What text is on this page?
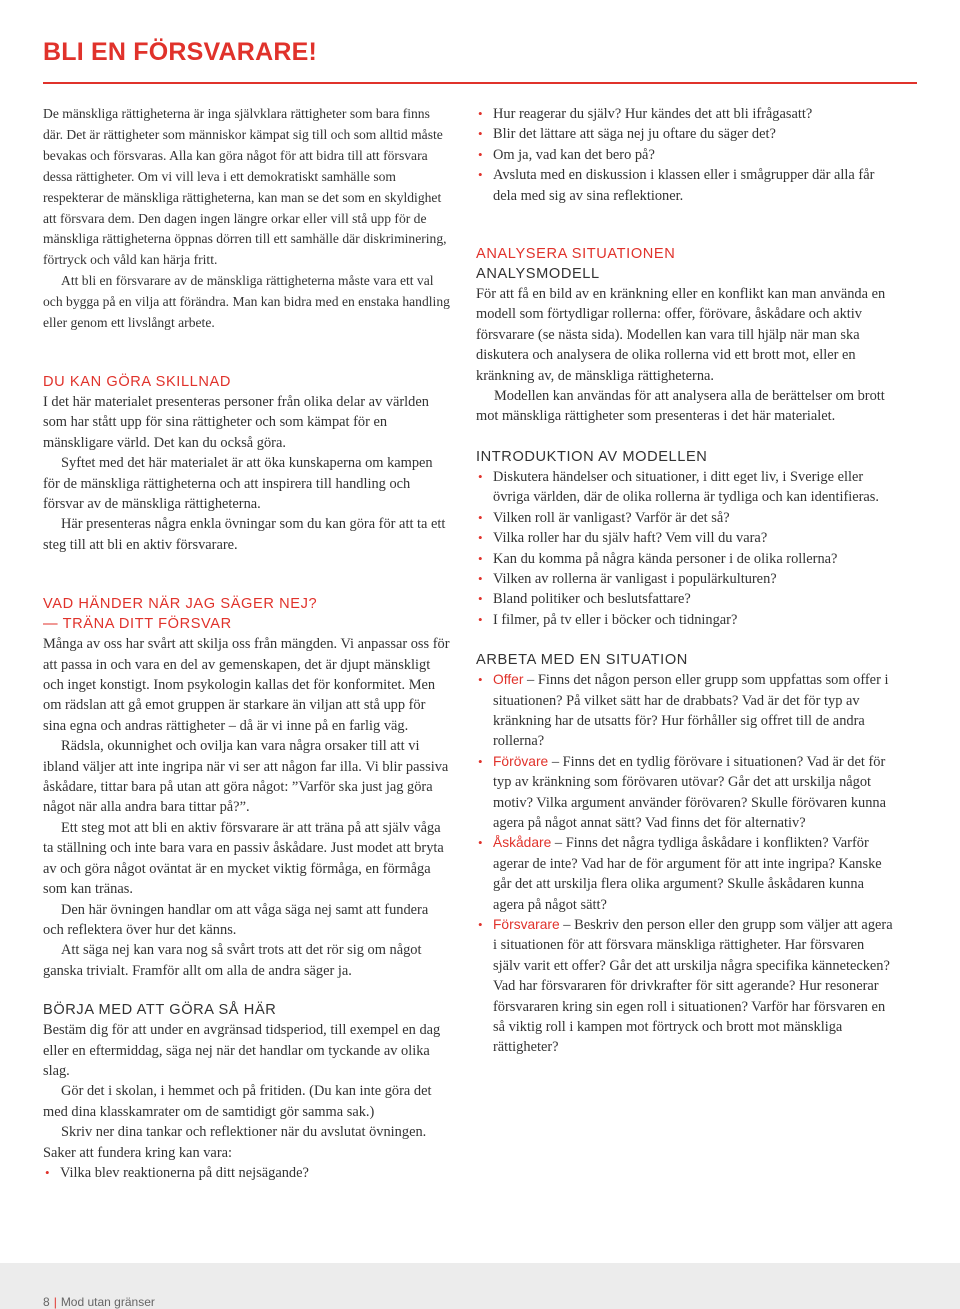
BLI EN FÖRSVARARE!

De mänskliga rättigheterna är inga självklara rättigheter som bara finns där. Det är rättigheter som människor kämpat sig till och som alltid måste bevakas och försvaras. Alla kan göra något för att bidra till att försvara dessa rättigheter. Om vi vill leva i ett demokratiskt samhälle som respekterar de mänskliga rättigheterna, kan man se det som en skyldighet att försvara dem. Den dagen ingen längre orkar eller vill stå upp för de mänskliga rättigheterna öppnas dörren till ett samhälle där diskriminering, förtryck och våld kan härja fritt.

Att bli en försvarare av de mänskliga rättigheterna måste vara ett val och bygga på en vilja att förändra. Man kan bidra med en enstaka handling eller genom ett livslångt arbete.

DU KAN GÖRA SKILLNAD

I det här materialet presenteras personer från olika delar av världen som har stått upp för sina rättigheter och som kämpat för en mänskligare värld. Det kan du också göra.

Syftet med det här materialet är att öka kunskaperna om kampen för de mänskliga rättigheterna och att inspirera till handling och försvar av de mänskliga rättigheterna.

Här presenteras några enkla övningar som du kan göra för att ta ett steg till att bli en aktiv försvarare.

VAD HÄNDER NÄR JAG SÄGER NEJ?
— TRÄNA DITT FÖRSVAR

Många av oss har svårt att skilja oss från mängden. Vi anpassar oss för att passa in och vara en del av gemenskapen, det är djupt mänskligt och inget konstigt. Inom psykologin kallas det för konformitet. Men om rädslan att gå emot gruppen är starkare än viljan att stå upp för sina egna och andras rättigheter – då är vi inne på en farlig väg.

Rädsla, okunnighet och ovilja kan vara några orsaker till att vi ibland väljer att inte ingripa när vi ser att någon far illa. Vi blir passiva åskådare, tittar bara på utan att göra något: ”Varför ska just jag göra något när alla andra bara tittar på?”.

Ett steg mot att bli en aktiv försvarare är att träna på att själv våga ta ställning och inte bara vara en passiv åskådare. Just modet att bryta av och göra något oväntat är en mycket viktig förmåga, en förmåga som kan tränas.

Den här övningen handlar om att våga säga nej samt att fundera och reflektera över hur det känns.

Att säga nej kan vara nog så svårt trots att det rör sig om något ganska trivialt. Framför allt om alla de andra säger ja.

BÖRJA MED ATT GÖRA SÅ HÄR

Bestäm dig för att under en avgränsad tidsperiod, till exempel en dag eller en eftermiddag, säga nej när det handlar om tyckande av olika slag.

Gör det i skolan, i hemmet och på fritiden. (Du kan inte göra det med dina klasskamrater om de samtidigt gör samma sak.)

Skriv ner dina tankar och reflektioner när du avslutat övningen. Saker att fundera kring kan vara:

• Vilka blev reaktionerna på ditt nejsägande?
• Hur reagerar du själv? Hur kändes det att bli ifrågasatt?
• Blir det lättare att säga nej ju oftare du säger det?
• Om ja, vad kan det bero på?
• Avsluta med en diskussion i klassen eller i smågrupper där alla får dela med sig av sina reflektioner.
ANALYSERA SITUATIONEN
ANALYSMODELL

För att få en bild av en kränkning eller en konflikt kan man använda en modell som förtydligar rollerna: offer, förövare, åskådare och aktiv försvarare (se nästa sida). Modellen kan vara till hjälp när man ska diskutera och analysera de olika rollerna vid ett brott mot, eller en kränkning av, de mänskliga rättigheterna.

Modellen kan användas för att analysera alla de berättelser om brott mot mänskliga rättigheter som presenteras i det här materialet.

INTRODUKTION AV MODELLEN
• Diskutera händelser och situationer, i ditt eget liv, i Sverige eller övriga världen, där de olika rollerna är tydliga och kan identifieras.
• Vilken roll är vanligast? Varför är det så?
• Vilka roller har du själv haft? Vem vill du vara?
• Kan du komma på några kända personer i de olika rollerna?
• Vilken av rollerna är vanligast i populärkulturen?
• Bland politiker och beslutsfattare?
• I filmer, på tv eller i böcker och tidningar?
ARBETA MED EN SITUATION
• Offer – Finns det någon person eller grupp som uppfattas som offer i situationen? På vilket sätt har de drabbats? Vad är det för typ av kränkning har de utsatts för? Hur förhåller sig offret till de andra rollerna?
• Förövare – Finns det en tydlig förövare i situationen? Vad är det för typ av kränkning som förövaren utövar? Går det att urskilja något motiv? Vilka argument använder förövaren? Skulle förövaren kunna agera på något annat sätt? Vad finns det för alternativ?
• Åskådare – Finns det några tydliga åskådare i konflikten? Varför agerar de inte? Vad har de för argument för att inte ingripa? Kanske går det att urskilja flera olika argument? Skulle åskådaren kunna agera på något sätt?
• Försvarare – Beskriv den person eller den grupp som väljer att agera i situationen för att försvara mänskliga rättigheter. Har försvaren själv varit ett offer? Går det att urskilja några specifika kännetecken? Vad har försvararen för drivkrafter för sitt agerande? Hur resonerar försvararen kring sin egen roll i situationen? Varför har försvaren en så viktig roll i kampen mot förtryck och brott mot mänskliga rättigheter?
8 | Mod utan gränser
